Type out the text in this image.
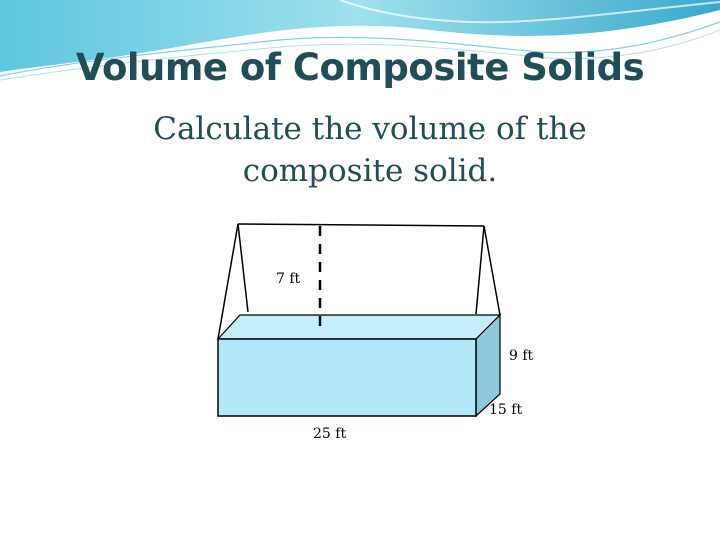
Volume of Composite Solids
Calculate the volume of the
composite solid.
7 ft
9 ft
15 ft
25 ft
